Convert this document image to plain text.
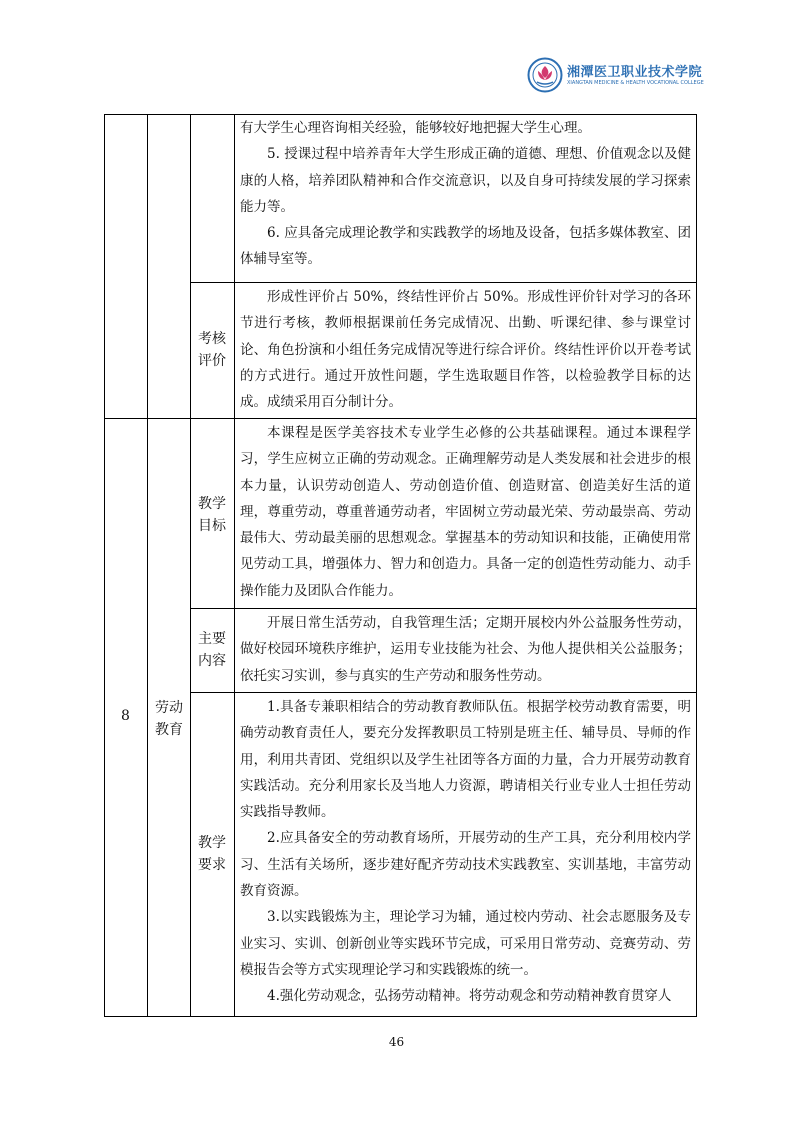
湘潭医卫职业技术学院
XIANGTAN MEDICINE & HEALTH VOCATIONAL COLLEGE

有大学生心理咨询相关经验，能够较好地把握大学生心理。

5. 授课过程中培养青年大学生形成正确的道德、理想、价值观念以及健康的人格，培养团队精神和合作交流意识，以及自身可持续发展的学习探索能力等。

6. 应具备完成理论教学和实践教学的场地及设备，包括多媒体教室、团体辅导室等。

考核
评价

形成性评价占 50%，终结性评价占 50%。形成性评价针对学习的各环节进行考核，教师根据课前任务完成情况、出勤、听课纪律、参与课堂讨论、角色扮演和小组任务完成情况等进行综合评价。终结性评价以开卷考试的方式进行。通过开放性问题，学生选取题目作答，以检验教学目标的达成。成绩采用百分制计分。

8	劳动
教育
教学
目标

本课程是医学美容技术专业学生必修的公共基础课程。通过本课程学习，学生应树立正确的劳动观念。正确理解劳动是人类发展和社会进步的根本力量，认识劳动创造人、劳动创造价值、创造财富、创造美好生活的道理，尊重劳动，尊重普通劳动者，牢固树立劳动最光荣、劳动最崇高、劳动最伟大、劳动最美丽的思想观念。掌握基本的劳动知识和技能，正确使用常见劳动工具，增强体力、智力和创造力。具备一定的创造性劳动能力、动手操作能力及团队合作能力。

主要
内容

开展日常生活劳动，自我管理生活；定期开展校内外公益服务性劳动，做好校园环境秩序维护，运用专业技能为社会、为他人提供相关公益服务；依托实习实训，参与真实的生产劳动和服务性劳动。

教学
要求

1.具备专兼职相结合的劳动教育教师队伍。根据学校劳动教育需要，明确劳动教育责任人，要充分发挥教职员工特别是班主任、辅导员、导师的作用，利用共青团、党组织以及学生社团等各方面的力量，合力开展劳动教育实践活动。充分利用家长及当地人力资源，聘请相关行业专业人士担任劳动实践指导教师。

2.应具备安全的劳动教育场所，开展劳动的生产工具，充分利用校内学习、生活有关场所，逐步建好配齐劳动技术实践教室、实训基地，丰富劳动教育资源。

3.以实践锻炼为主，理论学习为辅，通过校内劳动、社会志愿服务及专业实习、实训、创新创业等实践环节完成，可采用日常劳动、竞赛劳动、劳模报告会等方式实现理论学习和实践锻炼的统一。

4.强化劳动观念，弘扬劳动精神。将劳动观念和劳动精神教育贯穿人

46
